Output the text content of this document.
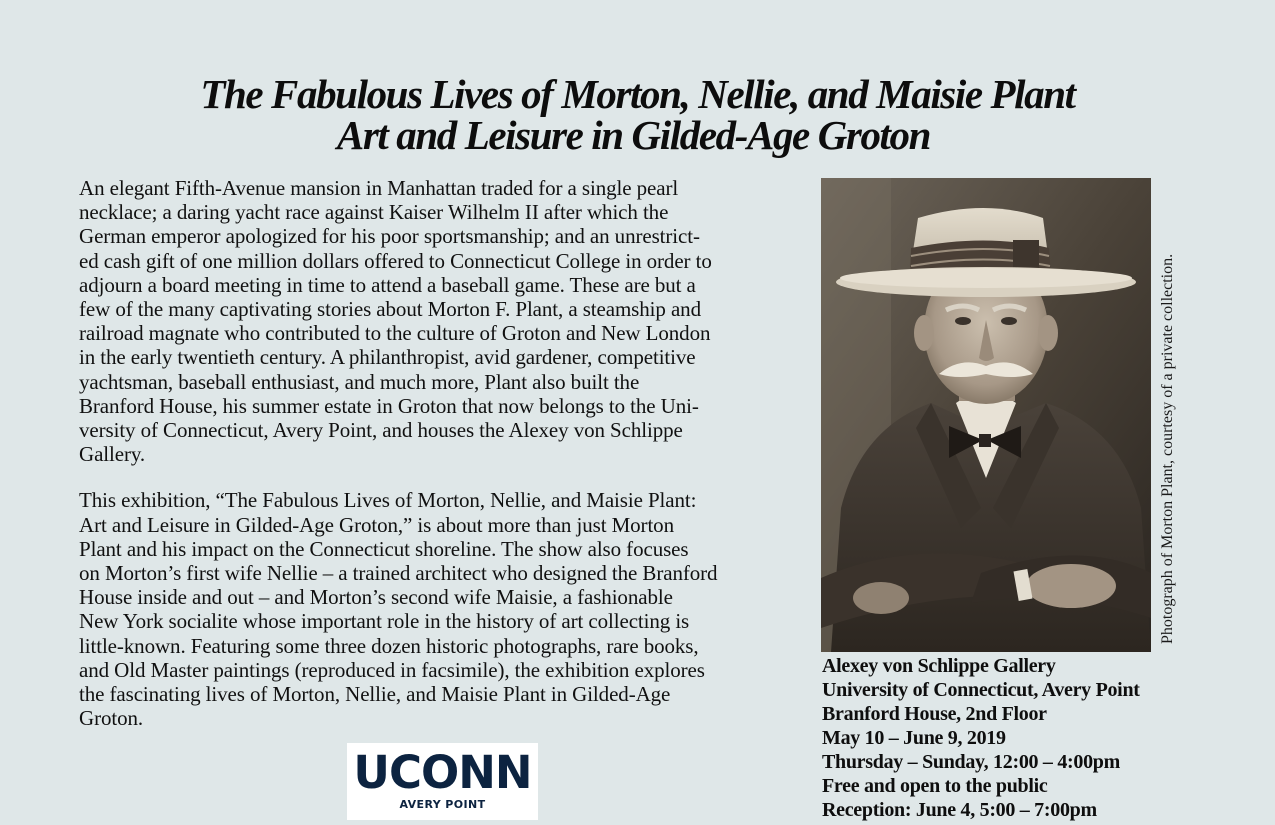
The Fabulous Lives of Morton, Nellie, and Maisie Plant
Art and Leisure in Gilded-Age Groton

An elegant Fifth-Avenue mansion in Manhattan traded for a single pearl
necklace; a daring yacht race against Kaiser Wilhelm II after which the
German emperor apologized for his poor sportsmanship; and an unrestrict-
ed cash gift of one million dollars offered to Connecticut College in order to
adjourn a board meeting in time to attend a baseball game. These are but a
few of the many captivating stories about Morton F. Plant, a steamship and
railroad magnate who contributed to the culture of Groton and New London
in the early twentieth century. A philanthropist, avid gardener, competitive
yachtsman, baseball enthusiast, and much more, Plant also built the
Branford House, his summer estate in Groton that now belongs to the Uni-
versity of Connecticut, Avery Point, and houses the Alexey von Schlippe
Gallery.

This exhibition, “The Fabulous Lives of Morton, Nellie, and Maisie Plant:
Art and Leisure in Gilded-Age Groton,” is about more than just Morton
Plant and his impact on the Connecticut shoreline. The show also focuses
on Morton’s first wife Nellie – a trained architect who designed the Branford
House inside and out – and Morton’s second wife Maisie, a fashionable
New York socialite whose important role in the history of art collecting is
little-known. Featuring some three dozen historic photographs, rare books,
and Old Master paintings (reproduced in facsimile), the exhibition explores
the fascinating lives of Morton, Nellie, and Maisie Plant in Gilded-Age
Groton.

Photograph of Morton Plant, courtesy of a private collection.
Alexey von Schlippe Gallery
University of Connecticut, Avery Point
Branford House, 2nd Floor
May 10 – June 9, 2019
Thursday – Sunday, 12:00 – 4:00pm
Free and open to the public
Reception: June 4, 5:00 – 7:00pm
UCONN
AVERY POINT
